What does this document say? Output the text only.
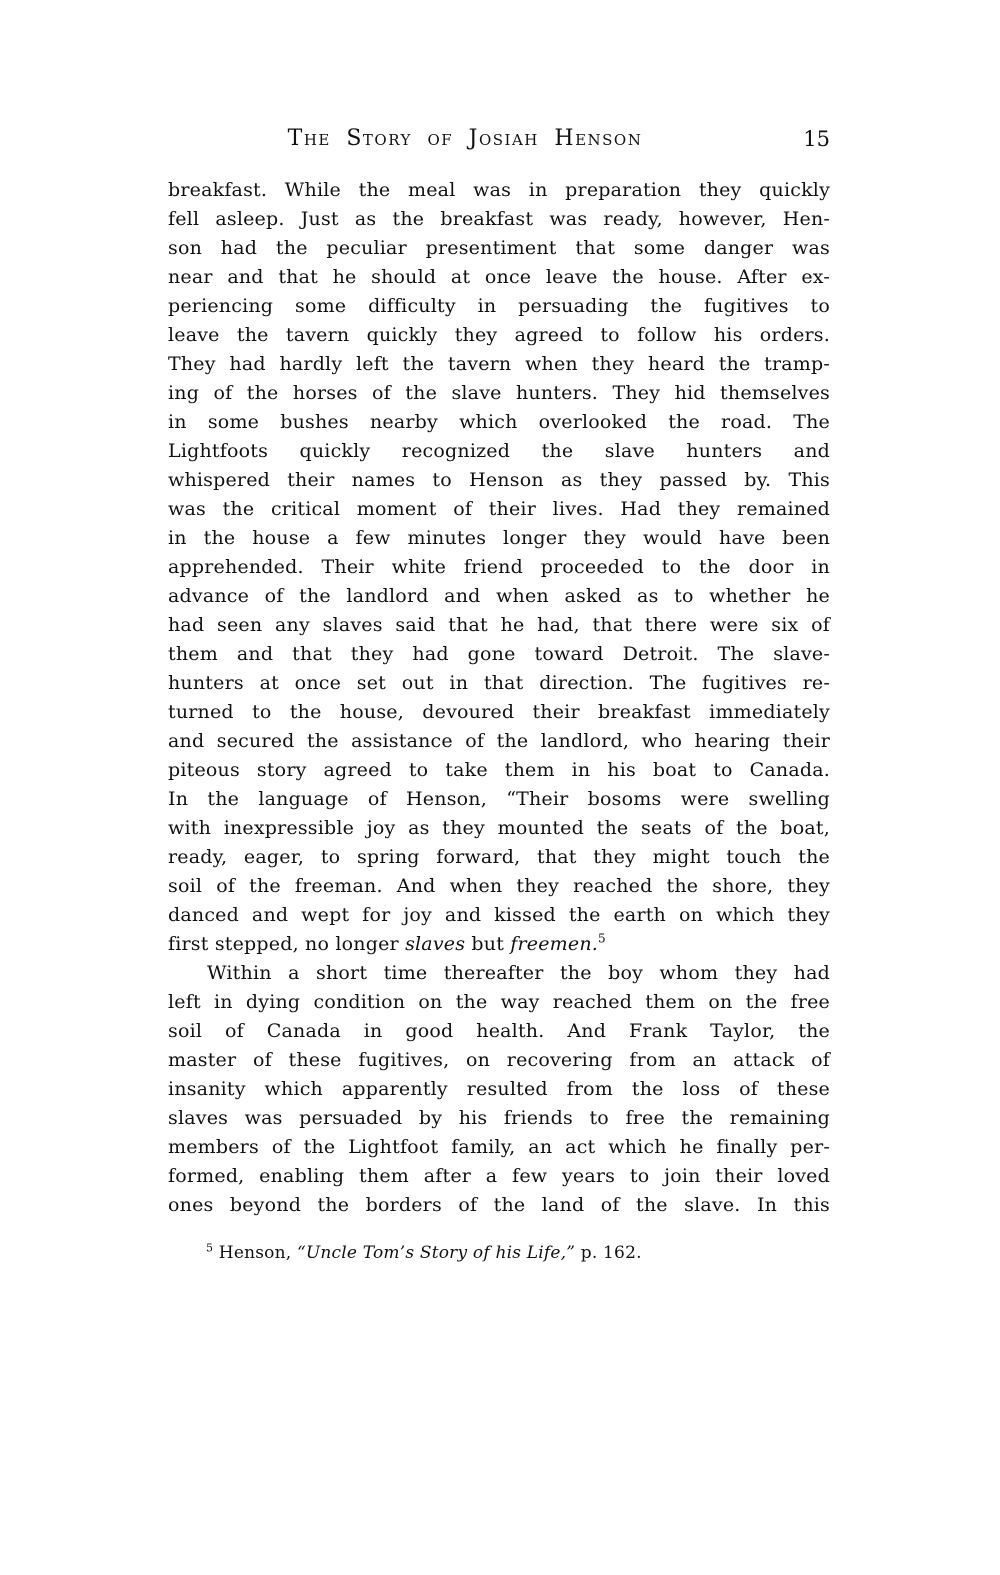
The Story of Josiah Henson	15
breakfast. While the meal was in preparation they quickly
fell asleep. Just as the breakfast was ready, however, Hen-
son had the peculiar presentiment that some danger was
near and that he should at once leave the house. After ex-
periencing some difficulty in persuading the fugitives to
leave the tavern quickly they agreed to follow his orders.
They had hardly left the tavern when they heard the tramp-
ing of the horses of the slave hunters. They hid themselves
in some bushes nearby which overlooked the road. The
Lightfoots quickly recognized the slave hunters and
whispered their names to Henson as they passed by. This
was the critical moment of their lives. Had they remained
in the house a few minutes longer they would have been
apprehended. Their white friend proceeded to the door in
advance of the landlord and when asked as to whether he
had seen any slaves said that he had, that there were six of
them and that they had gone toward Detroit. The slave-
hunters at once set out in that direction. The fugitives re-
turned to the house, devoured their breakfast immediately
and secured the assistance of the landlord, who hearing their
piteous story agreed to take them in his boat to Canada.
In the language of Henson, “Their bosoms were swelling
with inexpressible joy as they mounted the seats of the boat,
ready, eager, to spring forward, that they might touch the
soil of the freeman. And when they reached the shore, they
danced and wept for joy and kissed the earth on which they
first stepped, no longer slaves but freemen.$^5$
Within a short time thereafter the boy whom they had
left in dying condition on the way reached them on the free
soil of Canada in good health. And Frank Taylor, the
master of these fugitives, on recovering from an attack of
insanity which apparently resulted from the loss of these
slaves was persuaded by his friends to free the remaining
members of the Lightfoot family, an act which he finally per-
formed, enabling them after a few years to join their loved
ones beyond the borders of the land of the slave. In this
$^5$ Henson, “Uncle Tom’s Story of his Life,” p. 162.
